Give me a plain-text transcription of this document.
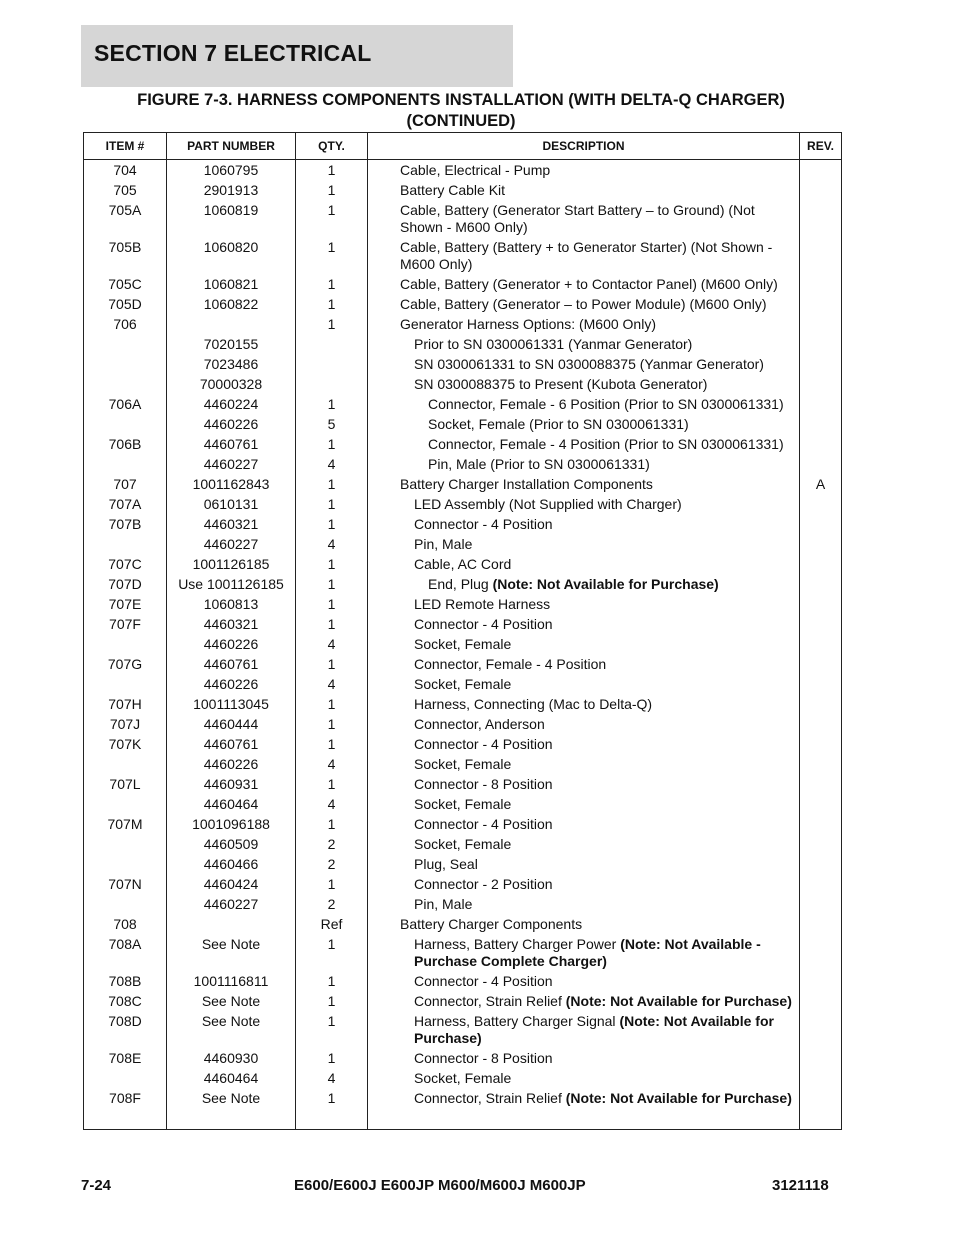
SECTION 7 ELECTRICAL
FIGURE 7-3. HARNESS COMPONENTS INSTALLATION (WITH DELTA-Q CHARGER)
(CONTINUED)
ITEM #	PART NUMBER	QTY.	DESCRIPTION	REV.
704	1060795	1	Cable, Electrical - Pump	

705	2901913	1	Battery Cable Kit	

705A	1060819	1	Cable, Battery (Generator Start Battery – to Ground) (Not Shown - M600 Only)	

705B	1060820	1	Cable, Battery (Battery + to Generator Starter) (Not Shown - M600 Only)	

705C	1060821	1	Cable, Battery (Generator + to Contactor Panel) (M600 Only)	

705D	1060822	1	Cable, Battery (Generator – to Power Module) (M600 Only)	

706		1	Generator Harness Options: (M600 Only)	

	7020155		Prior to SN 0300061331 (Yanmar Generator)	

	7023486		SN 0300061331 to SN 0300088375 (Yanmar Generator)	

	70000328		SN 0300088375 to Present (Kubota Generator)	

706A	4460224	1	Connector, Female - 6 Position (Prior to SN 0300061331)	

	4460226	5	Socket, Female (Prior to SN 0300061331)	

706B	4460761	1	Connector, Female - 4 Position (Prior to SN 0300061331)	

	4460227	4	Pin, Male (Prior to SN 0300061331)	

707	1001162843	1	Battery Charger Installation Components	A
707A	0610131	1	LED Assembly (Not Supplied with Charger)	

707B	4460321	1	Connector - 4 Position	

	4460227	4	Pin, Male	

707C	1001126185	1	Cable, AC Cord	

707D	Use 1001126185	1	End, Plug (Note: Not Available for Purchase)	

707E	1060813	1	LED Remote Harness	

707F	4460321	1	Connector - 4 Position	

	4460226	4	Socket, Female	

707G	4460761	1	Connector, Female - 4 Position	

	4460226	4	Socket, Female	

707H	1001113045	1	Harness, Connecting (Mac to Delta-Q)	

707J	4460444	1	Connector, Anderson	

707K	4460761	1	Connector - 4 Position	

	4460226	4	Socket, Female	

707L	4460931	1	Connector - 8 Position	

	4460464	4	Socket, Female	

707M	1001096188	1	Connector - 4 Position	

	4460509	2	Socket, Female	

	4460466	2	Plug, Seal	

707N	4460424	1	Connector - 2 Position	

	4460227	2	Pin, Male	

708		Ref	Battery Charger Components	

708A	See Note	1	Harness, Battery Charger Power (Note: Not Available - Purchase Complete Charger)	

708B	1001116811	1	Connector - 4 Position	

708C	See Note	1	Connector, Strain Relief (Note: Not Available for Purchase)	

708D	See Note	1	Harness, Battery Charger Signal (Note: Not Available for Purchase)	

708E	4460930	1	Connector - 8 Position	

	4460464	4	Socket, Female	

708F	See Note	1	Connector, Strain Relief (Note: Not Available for Purchase)	

7-24	E600/E600J E600JP M600/M600J M600JP	3121118
